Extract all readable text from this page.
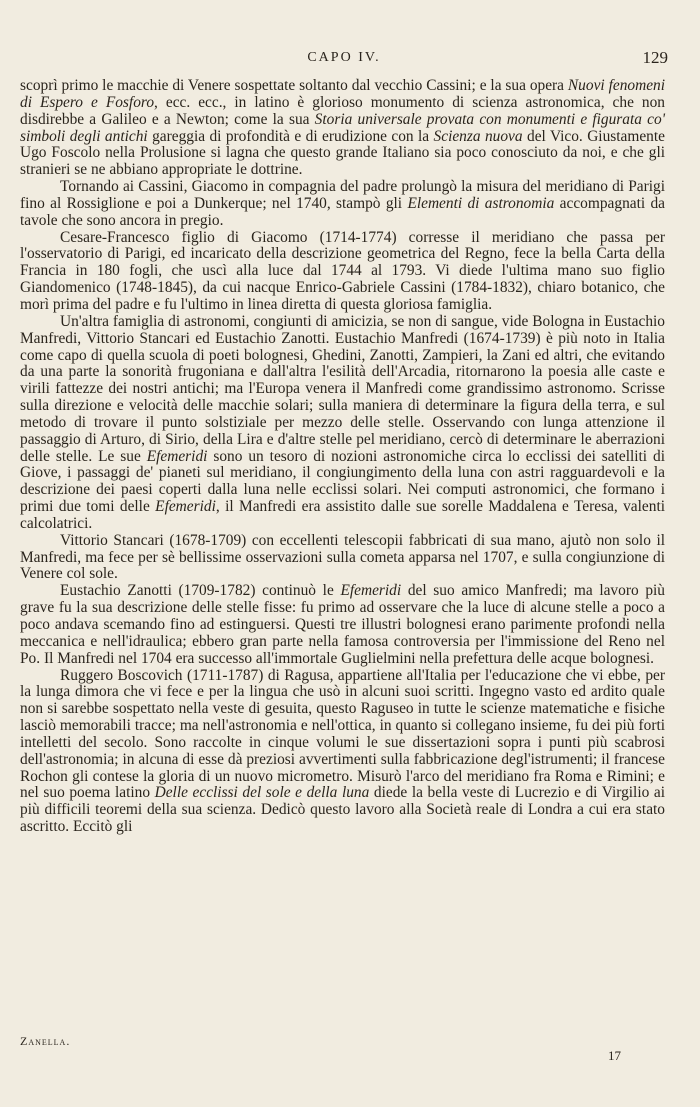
CAPO IV.	129

scoprì primo le macchie di Venere sospettate soltanto dal vecchio Cassini; e la sua opera Nuovi fenomeni di Espero e Fosforo, ecc. ecc., in latino è glorioso monumento di scienza astronomica, che non disdirebbe a Galileo e a Newton; come la sua Storia universale provata con monumenti e figurata co' simboli degli antichi gareggia di profondità e di erudizione con la Scienza nuova del Vico. Giustamente Ugo Foscolo nella Prolusione si lagna che questo grande Italiano sia poco conosciuto da noi, e che gli stranieri se ne abbiano appropriate le dottrine.

Tornando ai Cassini, Giacomo in compagnia del padre prolungò la misura del meridiano di Parigi fino al Rossiglione e poi a Dunkerque; nel 1740, stampò gli Elementi di astronomia accompagnati da tavole che sono ancora in pregio.

Cesare-Francesco figlio di Giacomo (1714-1774) corresse il meridiano che passa per l'osservatorio di Parigi, ed incaricato della descrizione geometrica del Regno, fece la bella Carta della Francia in 180 fogli, che uscì alla luce dal 1744 al 1793. Vi diede l'ultima mano suo figlio Giandomenico (1748-1845), da cui nacque Enrico-Gabriele Cassini (1784-1832), chiaro botanico, che morì prima del padre e fu l'ultimo in linea diretta di questa gloriosa famiglia.

Un'altra famiglia di astronomi, congiunti di amicizia, se non di sangue, vide Bologna in Eustachio Manfredi, Vittorio Stancari ed Eustachio Zanotti. Eustachio Manfredi (1674-1739) è più noto in Italia come capo di quella scuola di poeti bolognesi, Ghedini, Zanotti, Zampieri, la Zani ed altri, che evitando da una parte la sonorità frugoniana e dall'altra l'esilità dell'Arcadia, ritornarono la poesia alle caste e virili fattezze dei nostri antichi; ma l'Europa venera il Manfredi come grandissimo astronomo. Scrisse sulla direzione e velocità delle macchie solari; sulla maniera di determinare la figura della terra, e sul metodo di trovare il punto solstiziale per mezzo delle stelle. Osservando con lunga attenzione il passaggio di Arturo, di Sirio, della Lira e d'altre stelle pel meridiano, cercò di determinare le aberrazioni delle stelle. Le sue Efemeridi sono un tesoro di nozioni astronomiche circa lo ecclissi dei satelliti di Giove, i passaggi de' pianeti sul meridiano, il congiungimento della luna con astri ragguardevoli e la descrizione dei paesi coperti dalla luna nelle ecclissi solari. Nei computi astronomici, che formano i primi due tomi delle Efemeridi, il Manfredi era assistito dalle sue sorelle Maddalena e Teresa, valenti calcolatrici.

Vittorio Stancari (1678-1709) con eccellenti telescopii fabbricati di sua mano, ajutò non solo il Manfredi, ma fece per sè bellissime osservazioni sulla cometa apparsa nel 1707, e sulla congiunzione di Venere col sole.

Eustachio Zanotti (1709-1782) continuò le Efemeridi del suo amico Manfredi; ma lavoro più grave fu la sua descrizione delle stelle fisse: fu primo ad osservare che la luce di alcune stelle a poco a poco andava scemando fino ad estinguersi. Questi tre illustri bolognesi erano parimente profondi nella meccanica e nell'idraulica; ebbero gran parte nella famosa controversia per l'immissione del Reno nel Po. Il Manfredi nel 1704 era successo all'immortale Guglielmini nella prefettura delle acque bolognesi.

Ruggero Boscovich (1711-1787) di Ragusa, appartiene all'Italia per l'educazione che vi ebbe, per la lunga dimora che vi fece e per la lingua che usò in alcuni suoi scritti. Ingegno vasto ed ardito quale non si sarebbe sospettato nella veste di gesuita, questo Raguseo in tutte le scienze matematiche e fisiche lasciò memorabili tracce; ma nell'astronomia e nell'ottica, in quanto si collegano insieme, fu dei più forti intelletti del secolo. Sono raccolte in cinque volumi le sue dissertazioni sopra i punti più scabrosi dell'astronomia; in alcuna di esse dà preziosi avvertimenti sulla fabbricazione degl'istrumenti; il francese Rochon gli contese la gloria di un nuovo micrometro. Misurò l'arco del meridiano fra Roma e Rimini; e nel suo poema latino Delle ecclissi del sole e della luna diede la bella veste di Lucrezio e di Virgilio ai più difficili teoremi della sua scienza. Dedicò questo lavoro alla Società reale di Londra a cui era stato ascritto. Eccitò gli

Zanella.
17
